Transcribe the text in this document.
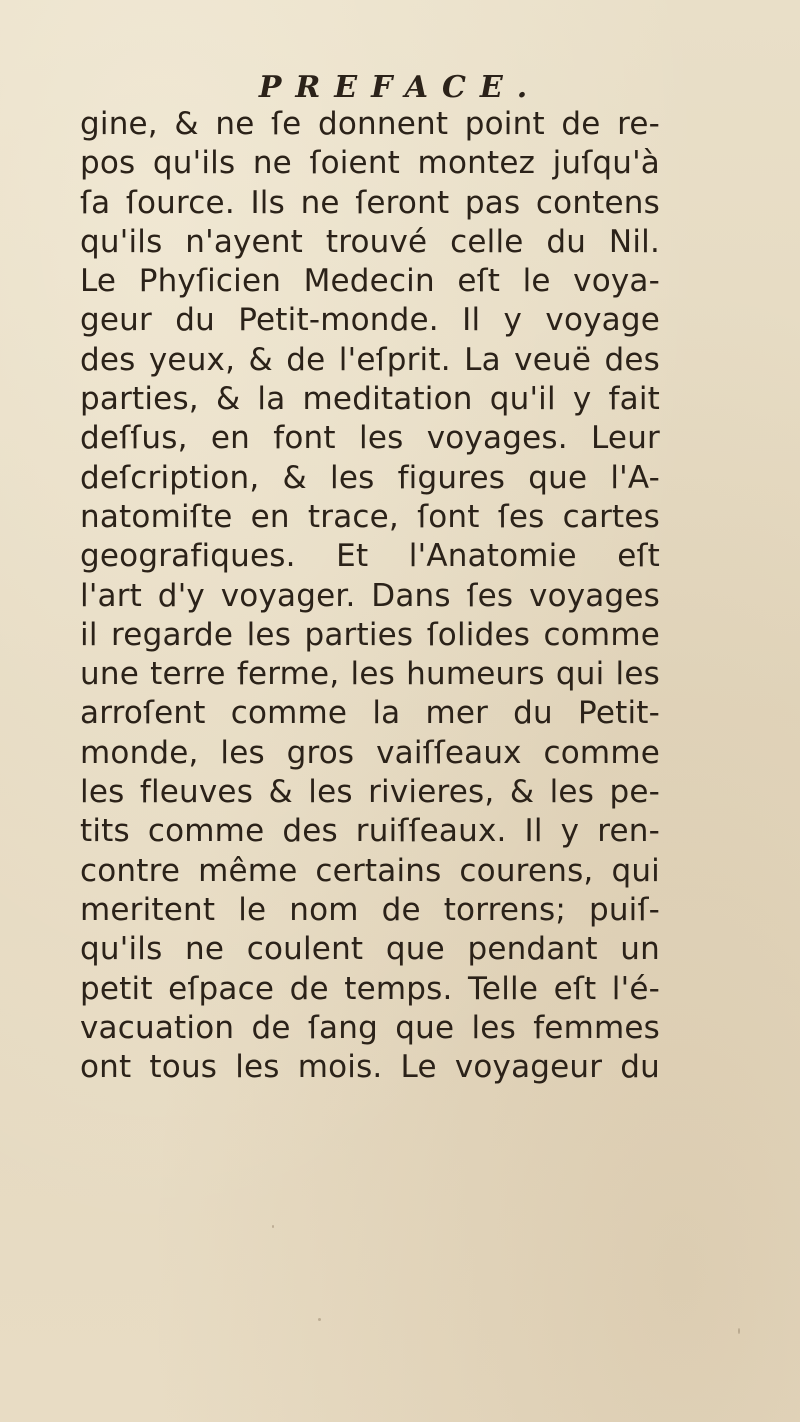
PREFACE.
gine, & ne ſe donnent point de re-
pos qu'ils ne ſoient montez juſqu'à
ſa ſource. Ils ne ſeront pas contens
qu'ils n'ayent trouvé celle du Nil.
Le Phyſicien Medecin eſt le voya-
geur du Petit-monde. Il y voyage
des yeux, & de l'eſprit. La veuë des
parties, & la meditation qu'il y fait
deſſus, en font les voyages. Leur
deſcription, & les figures que l'A-
natomiſte en trace, ſont ſes cartes
geografiques. Et l'Anatomie eſt
l'art d'y voyager. Dans ſes voyages
il regarde les parties ſolides comme
une terre ferme, les humeurs qui les
arroſent comme la mer du Petit-
monde, les gros vaiſſeaux comme
les fleuves & les rivieres, & les pe-
tits comme des ruiſſeaux. Il y ren-
contre même certains courens, qui
meritent le nom de torrens; puiſ-
qu'ils ne coulent que pendant un
petit eſpace de temps. Telle eſt l'é-
vacuation de ſang que les femmes
ont tous les mois. Le voyageur du
